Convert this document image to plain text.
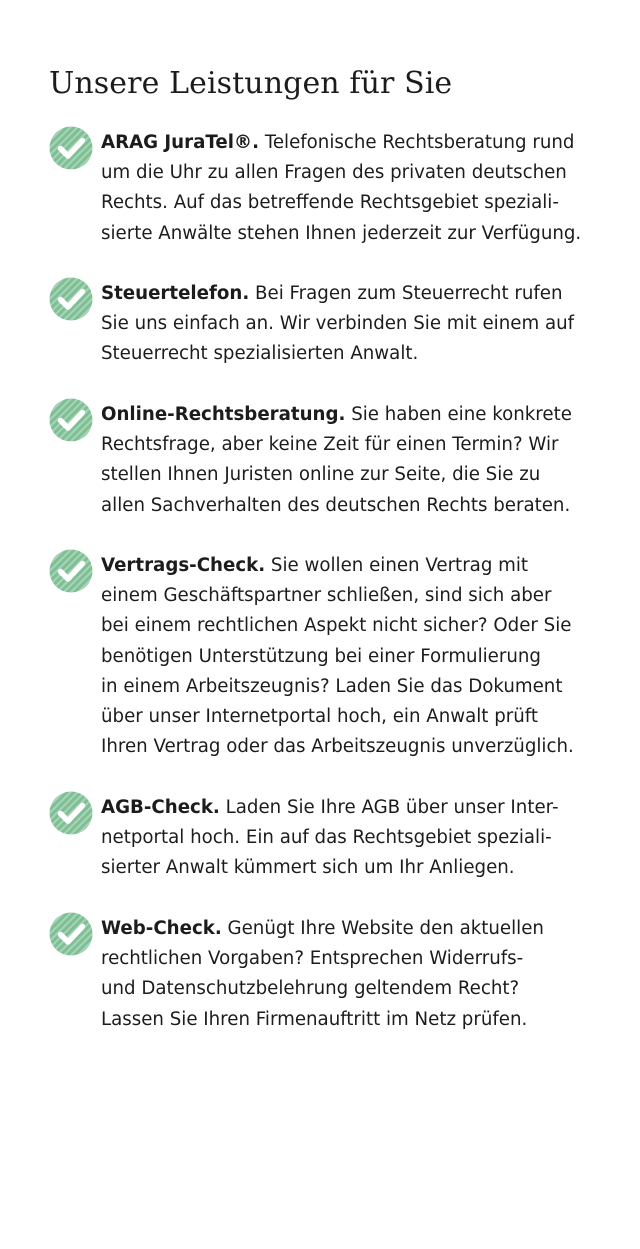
Unsere Leistungen für Sie

ARAG JuraTel®. Telefonische Rechtsberatung rund
um die Uhr zu allen Fragen des privaten deutschen
Rechts. Auf das betreffende Rechtsgebiet speziali-
sierte Anwälte stehen Ihnen jederzeit zur Verfügung.

Steuertelefon. Bei Fragen zum Steuerrecht rufen
Sie uns einfach an. Wir verbinden Sie mit einem auf
Steuerrecht spezialisierten Anwalt.

Online-Rechtsberatung. Sie haben eine konkrete
Rechtsfrage, aber keine Zeit für einen Termin? Wir
stellen Ihnen Juristen online zur Seite, die Sie zu
allen Sachverhalten des deutschen Rechts beraten.

Vertrags-Check. Sie wollen einen Vertrag mit
einem Geschäftspartner schließen, sind sich aber
bei einem rechtlichen Aspekt nicht sicher? Oder Sie
benötigen Unterstützung bei einer Formulierung
in einem Arbeitszeugnis? Laden Sie das Dokument
über unser Internetportal hoch, ein Anwalt prüft
Ihren Vertrag oder das Arbeitszeugnis unverzüglich.

AGB-Check. Laden Sie Ihre AGB über unser Inter-
netportal hoch. Ein auf das Rechtsgebiet speziali-
sierter Anwalt kümmert sich um Ihr Anliegen.

Web-Check. Genügt Ihre Website den aktuellen
rechtlichen Vorgaben? Entsprechen Widerrufs-
und Datenschutzbelehrung geltendem Recht?
Lassen Sie Ihren Firmenauftritt im Netz prüfen.
